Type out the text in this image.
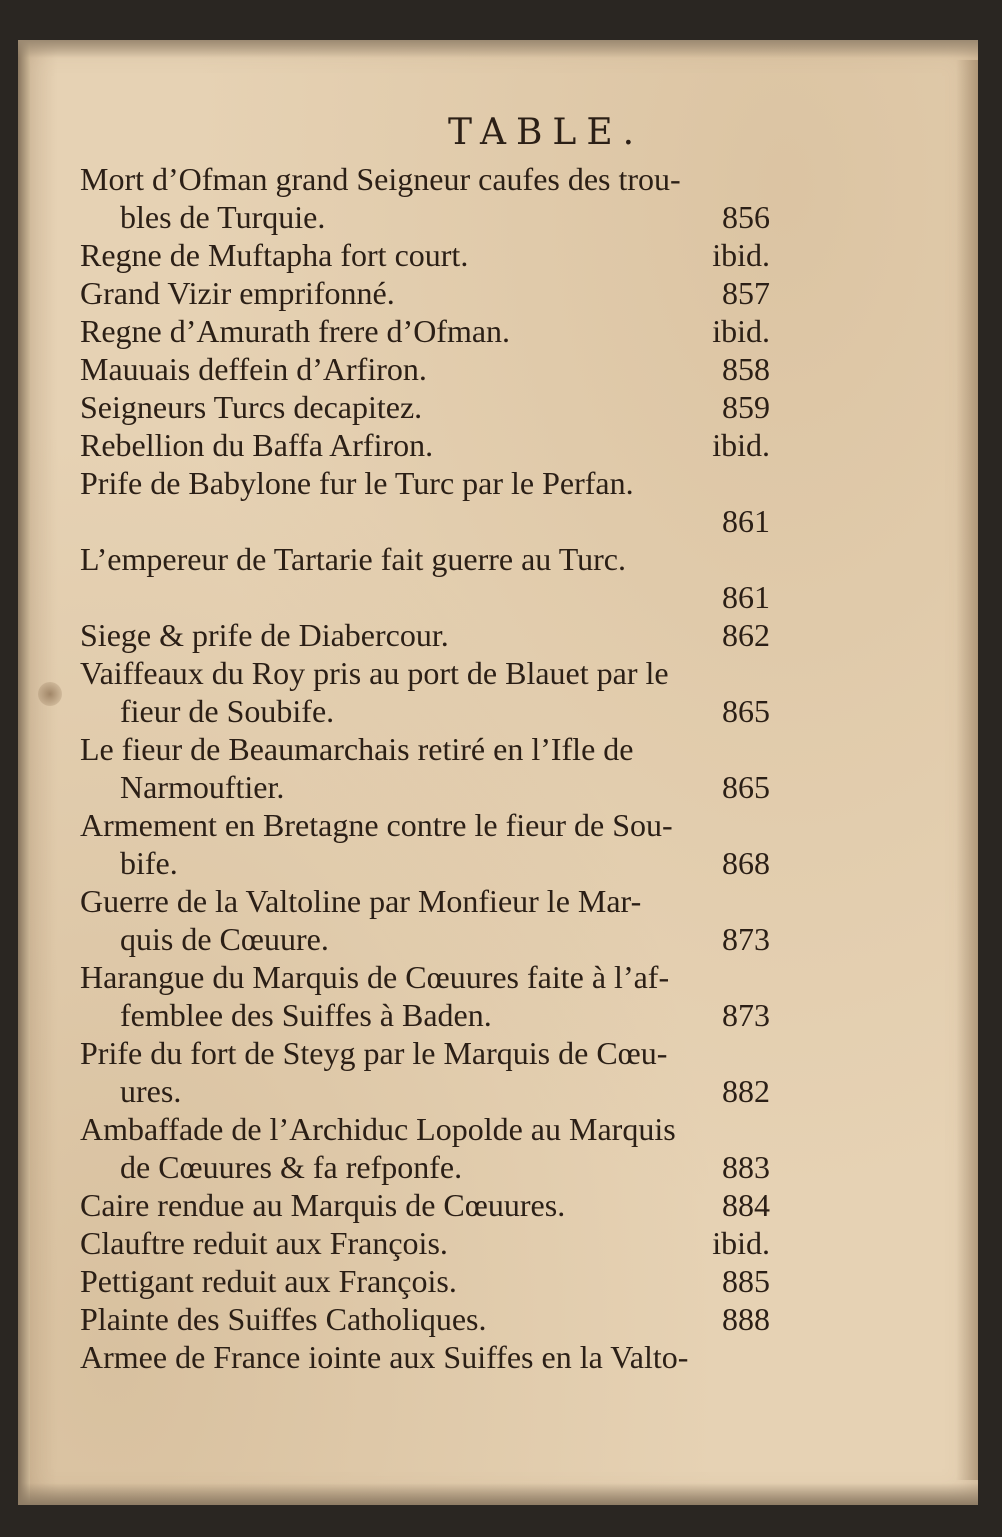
TABLE.
Mort d’Ofman grand Seigneur caufes des trou-
bles de Turquie.	856
Regne de Muftapha fort court.	ibid.
Grand Vizir emprifonné.	857
Regne d’Amurath frere d’Ofman.	ibid.
Mauuais deffein d’Arfiron.	858
Seigneurs Turcs decapitez.	859
Rebellion du Baffa Arfiron.	ibid.
Prife de Babylone fur le Turc par le Perfan.
861
L’empereur de Tartarie fait guerre au Turc.
861
Siege & prife de Diabercour.	862
Vaiffeaux du Roy pris au port de Blauet par le
fieur de Soubife.	865
Le fieur de Beaumarchais retiré en l’Ifle de
Narmouftier.	865
Armement en Bretagne contre le fieur de Sou-
bife.	868
Guerre de la Valtoline par Monfieur le Mar-
quis de Cœuure.	873
Harangue du Marquis de Cœuures faite à l’af-
femblee des Suiffes à Baden.	873
Prife du fort de Steyg par le Marquis de Cœu-
ures.	882
Ambaffade de l’Archiduc Lopolde au Marquis
de Cœuures & fa refponfe.	883
Caire rendue au Marquis de Cœuures.	884
Clauftre reduit aux François.	ibid.
Pettigant reduit aux François.	885
Plainte des Suiffes Catholiques.	888
Armee de France iointe aux Suiffes en la Valto-
